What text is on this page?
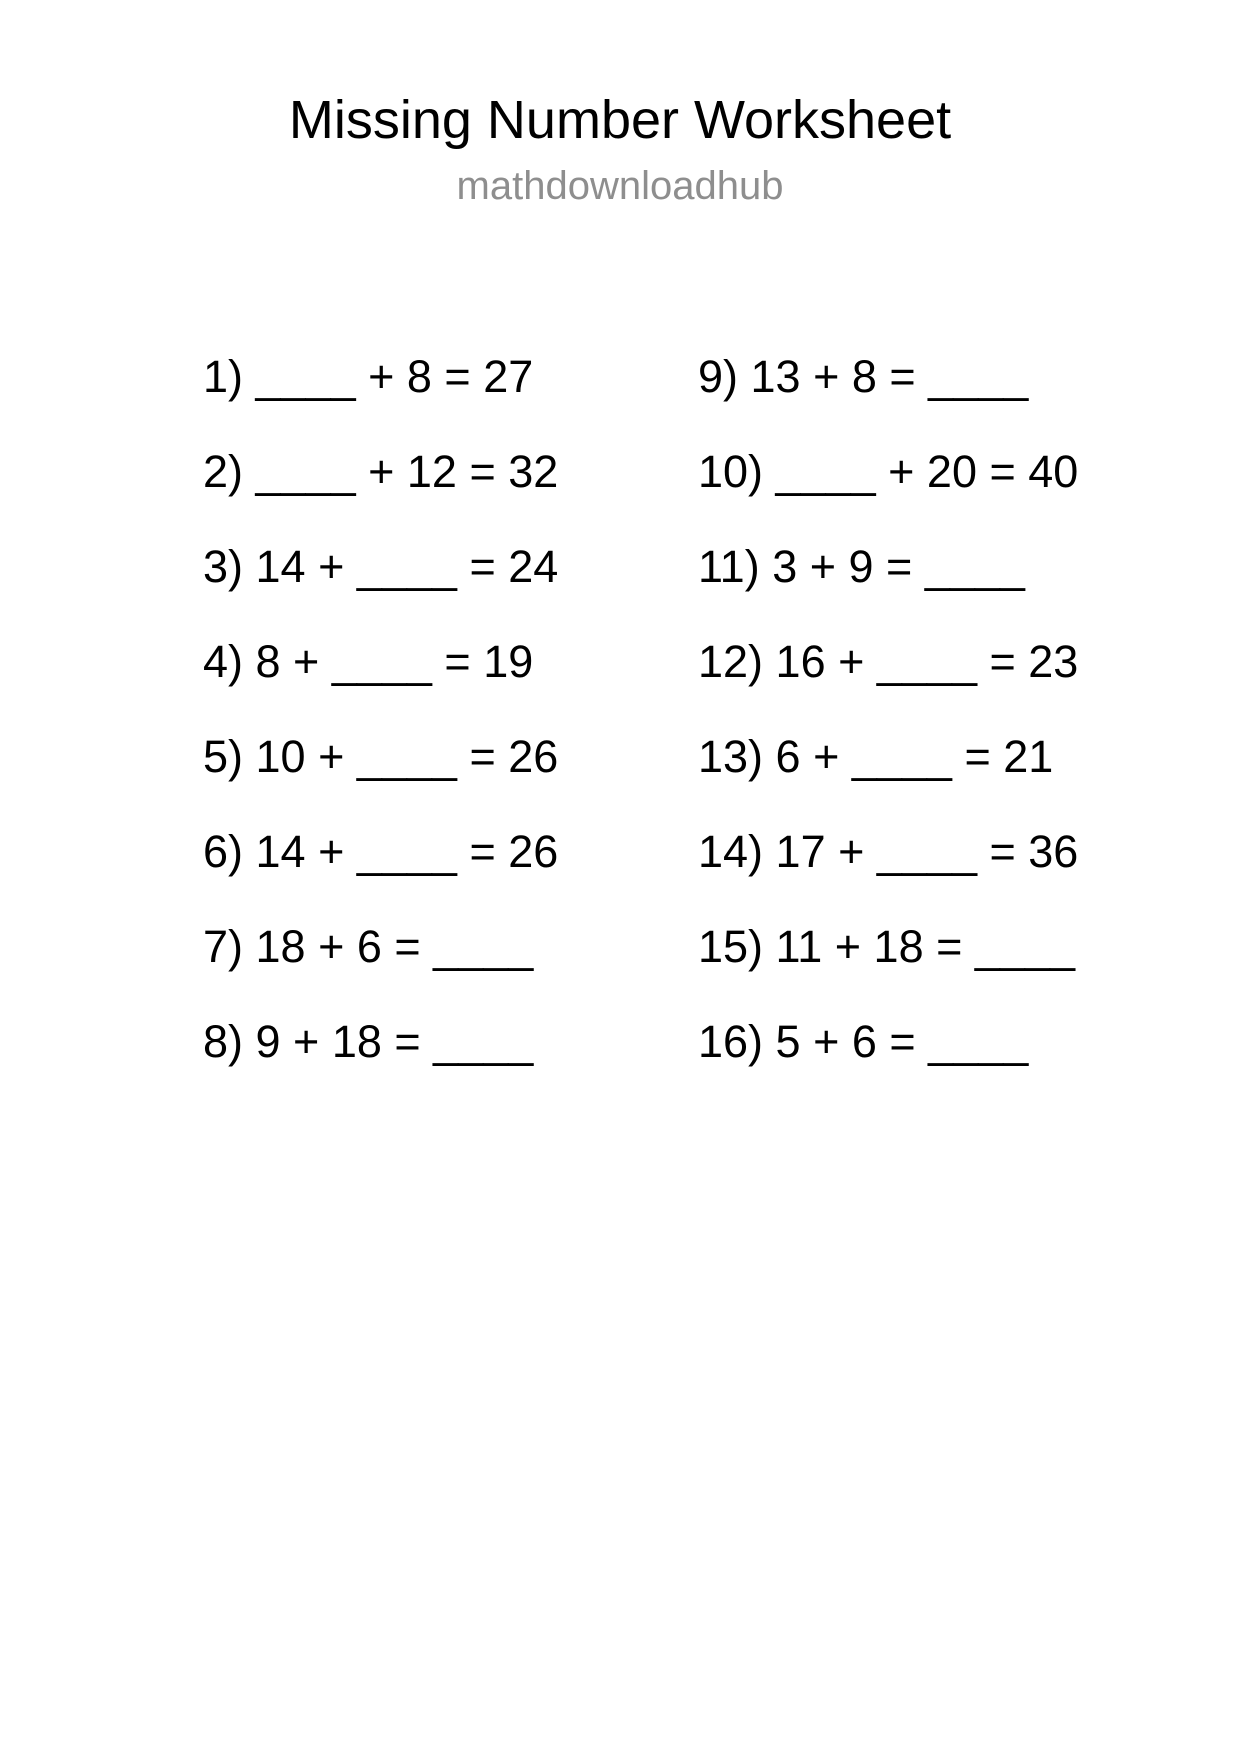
Missing Number Worksheet
mathdownloadhub
1) ____ + 8 = 27
2) ____ + 12 = 32
3) 14 + ____ = 24
4) 8 + ____ = 19
5) 10 + ____ = 26
6) 14 + ____ = 26
7) 18 + 6 = ____
8) 9 + 18 = ____
9) 13 + 8 = ____
10) ____ + 20 = 40
11) 3 + 9 = ____
12) 16 + ____ = 23
13) 6 + ____ = 21
14) 17 + ____ = 36
15) 11 + 18 = ____
16) 5 + 6 = ____
